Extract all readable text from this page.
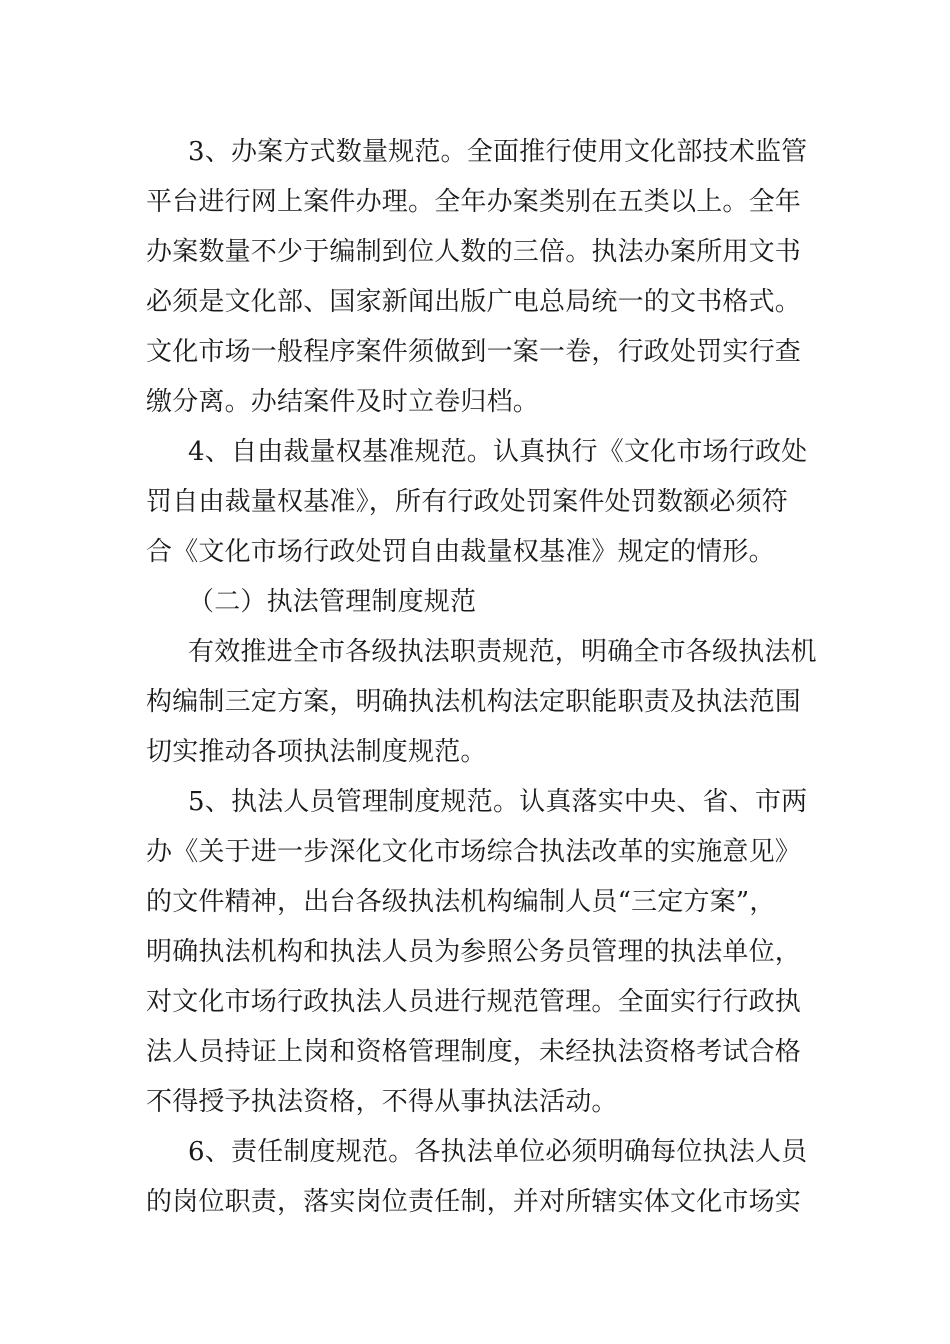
3、办案方式数量规范。全面推行使用文化部技术监管
平台进行网上案件办理。全年办案类别在五类以上。全年
办案数量不少于编制到位人数的三倍。执法办案所用文书
必须是文化部、国家新闻出版广电总局统一的文书格式。
文化市场一般程序案件须做到一案一卷，行政处罚实行查
缴分离。办结案件及时立卷归档。
4、自由裁量权基准规范。认真执行《文化市场行政处
罚自由裁量权基准》，所有行政处罚案件处罚数额必须符
合《文化市场行政处罚自由裁量权基准》规定的情形。
（二）执法管理制度规范
有效推进全市各级执法职责规范，明确全市各级执法机
构编制三定方案，明确执法机构法定职能职责及执法范围
切实推动各项执法制度规范。
5、执法人员管理制度规范。认真落实中央、省、市两
办《关于进一步深化文化市场综合执法改革的实施意见》
的文件精神，出台各级执法机构编制人员“三定方案”，
明确执法机构和执法人员为参照公务员管理的执法单位，
对文化市场行政执法人员进行规范管理。全面实行行政执
法人员持证上岗和资格管理制度，未经执法资格考试合格
不得授予执法资格，不得从事执法活动。
6、责任制度规范。各执法单位必须明确每位执法人员
的岗位职责，落实岗位责任制，并对所辖实体文化市场实
